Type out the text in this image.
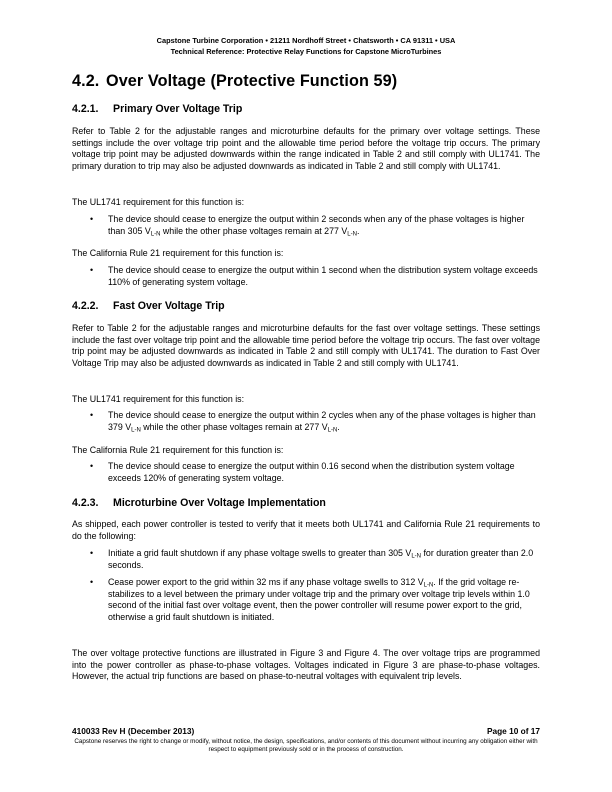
Capstone Turbine Corporation • 21211 Nordhoff Street • Chatsworth • CA 91311 • USA
Technical Reference: Protective Relay Functions for Capstone MicroTurbines
4.2. Over Voltage (Protective Function 59)
4.2.1. Primary Over Voltage Trip
Refer to Table 2 for the adjustable ranges and microturbine defaults for the primary over voltage settings. These settings include the over voltage trip point and the allowable time period before the voltage trip occurs. The primary voltage trip point may be adjusted downwards within the range indicated in Table 2 and still comply with UL1741. The primary duration to trip may also be adjusted downwards as indicated in Table 2 and still comply with UL1741.
The UL1741 requirement for this function is:
• The device should cease to energize the output within 2 seconds when any of the phase voltages is higher than 305 $V_{L-N}$ while the other phase voltages remain at 277 $V_{L-N}$.
The California Rule 21 requirement for this function is:
• The device should cease to energize the output within 1 second when the distribution system voltage exceeds 110% of generating system voltage.
4.2.2. Fast Over Voltage Trip
Refer to Table 2 for the adjustable ranges and microturbine defaults for the fast over voltage settings. These settings include the fast over voltage trip point and the allowable time period before the voltage trip occurs. The fast over voltage trip point may be adjusted downwards as indicated in Table 2 and still comply with UL1741. The duration to Fast Over Voltage Trip may also be adjusted downwards as indicated in Table 2 and still comply with UL1741.
The UL1741 requirement for this function is:
• The device should cease to energize the output within 2 cycles when any of the phase voltages is higher than 379 $V_{L-N}$ while the other phase voltages remain at 277 $V_{L-N}$.
The California Rule 21 requirement for this function is:
• The device should cease to energize the output within 0.16 second when the distribution system voltage exceeds 120% of generating system voltage.
4.2.3. Microturbine Over Voltage Implementation
As shipped, each power controller is tested to verify that it meets both UL1741 and California Rule 21 requirements to do the following:
• Initiate a grid fault shutdown if any phase voltage swells to greater than 305 $V_{L-N}$ for duration greater than 2.0 seconds.
• Cease power export to the grid within 32 ms if any phase voltage swells to 312 $V_{L-N}$. If the grid voltage re-stabilizes to a level between the primary under voltage trip and the primary over voltage trip levels within 1.0 second of the initial fast over voltage event, then the power controller will resume power export to the grid, otherwise a grid fault shutdown is initiated.
The over voltage protective functions are illustrated in Figure 3 and Figure 4. The over voltage trips are programmed into the power controller as phase-to-phase voltages. Voltages indicated in Figure 3 are phase-to-phase voltages. However, the actual trip functions are based on phase-to-neutral voltages with equivalent trip levels.
410033 Rev H (December 2013)	Page 10 of 17
Capstone reserves the right to change or modify, without notice, the design, specifications, and/or contents of this document without incurring any obligation either with respect to equipment previously sold or in the process of construction.
